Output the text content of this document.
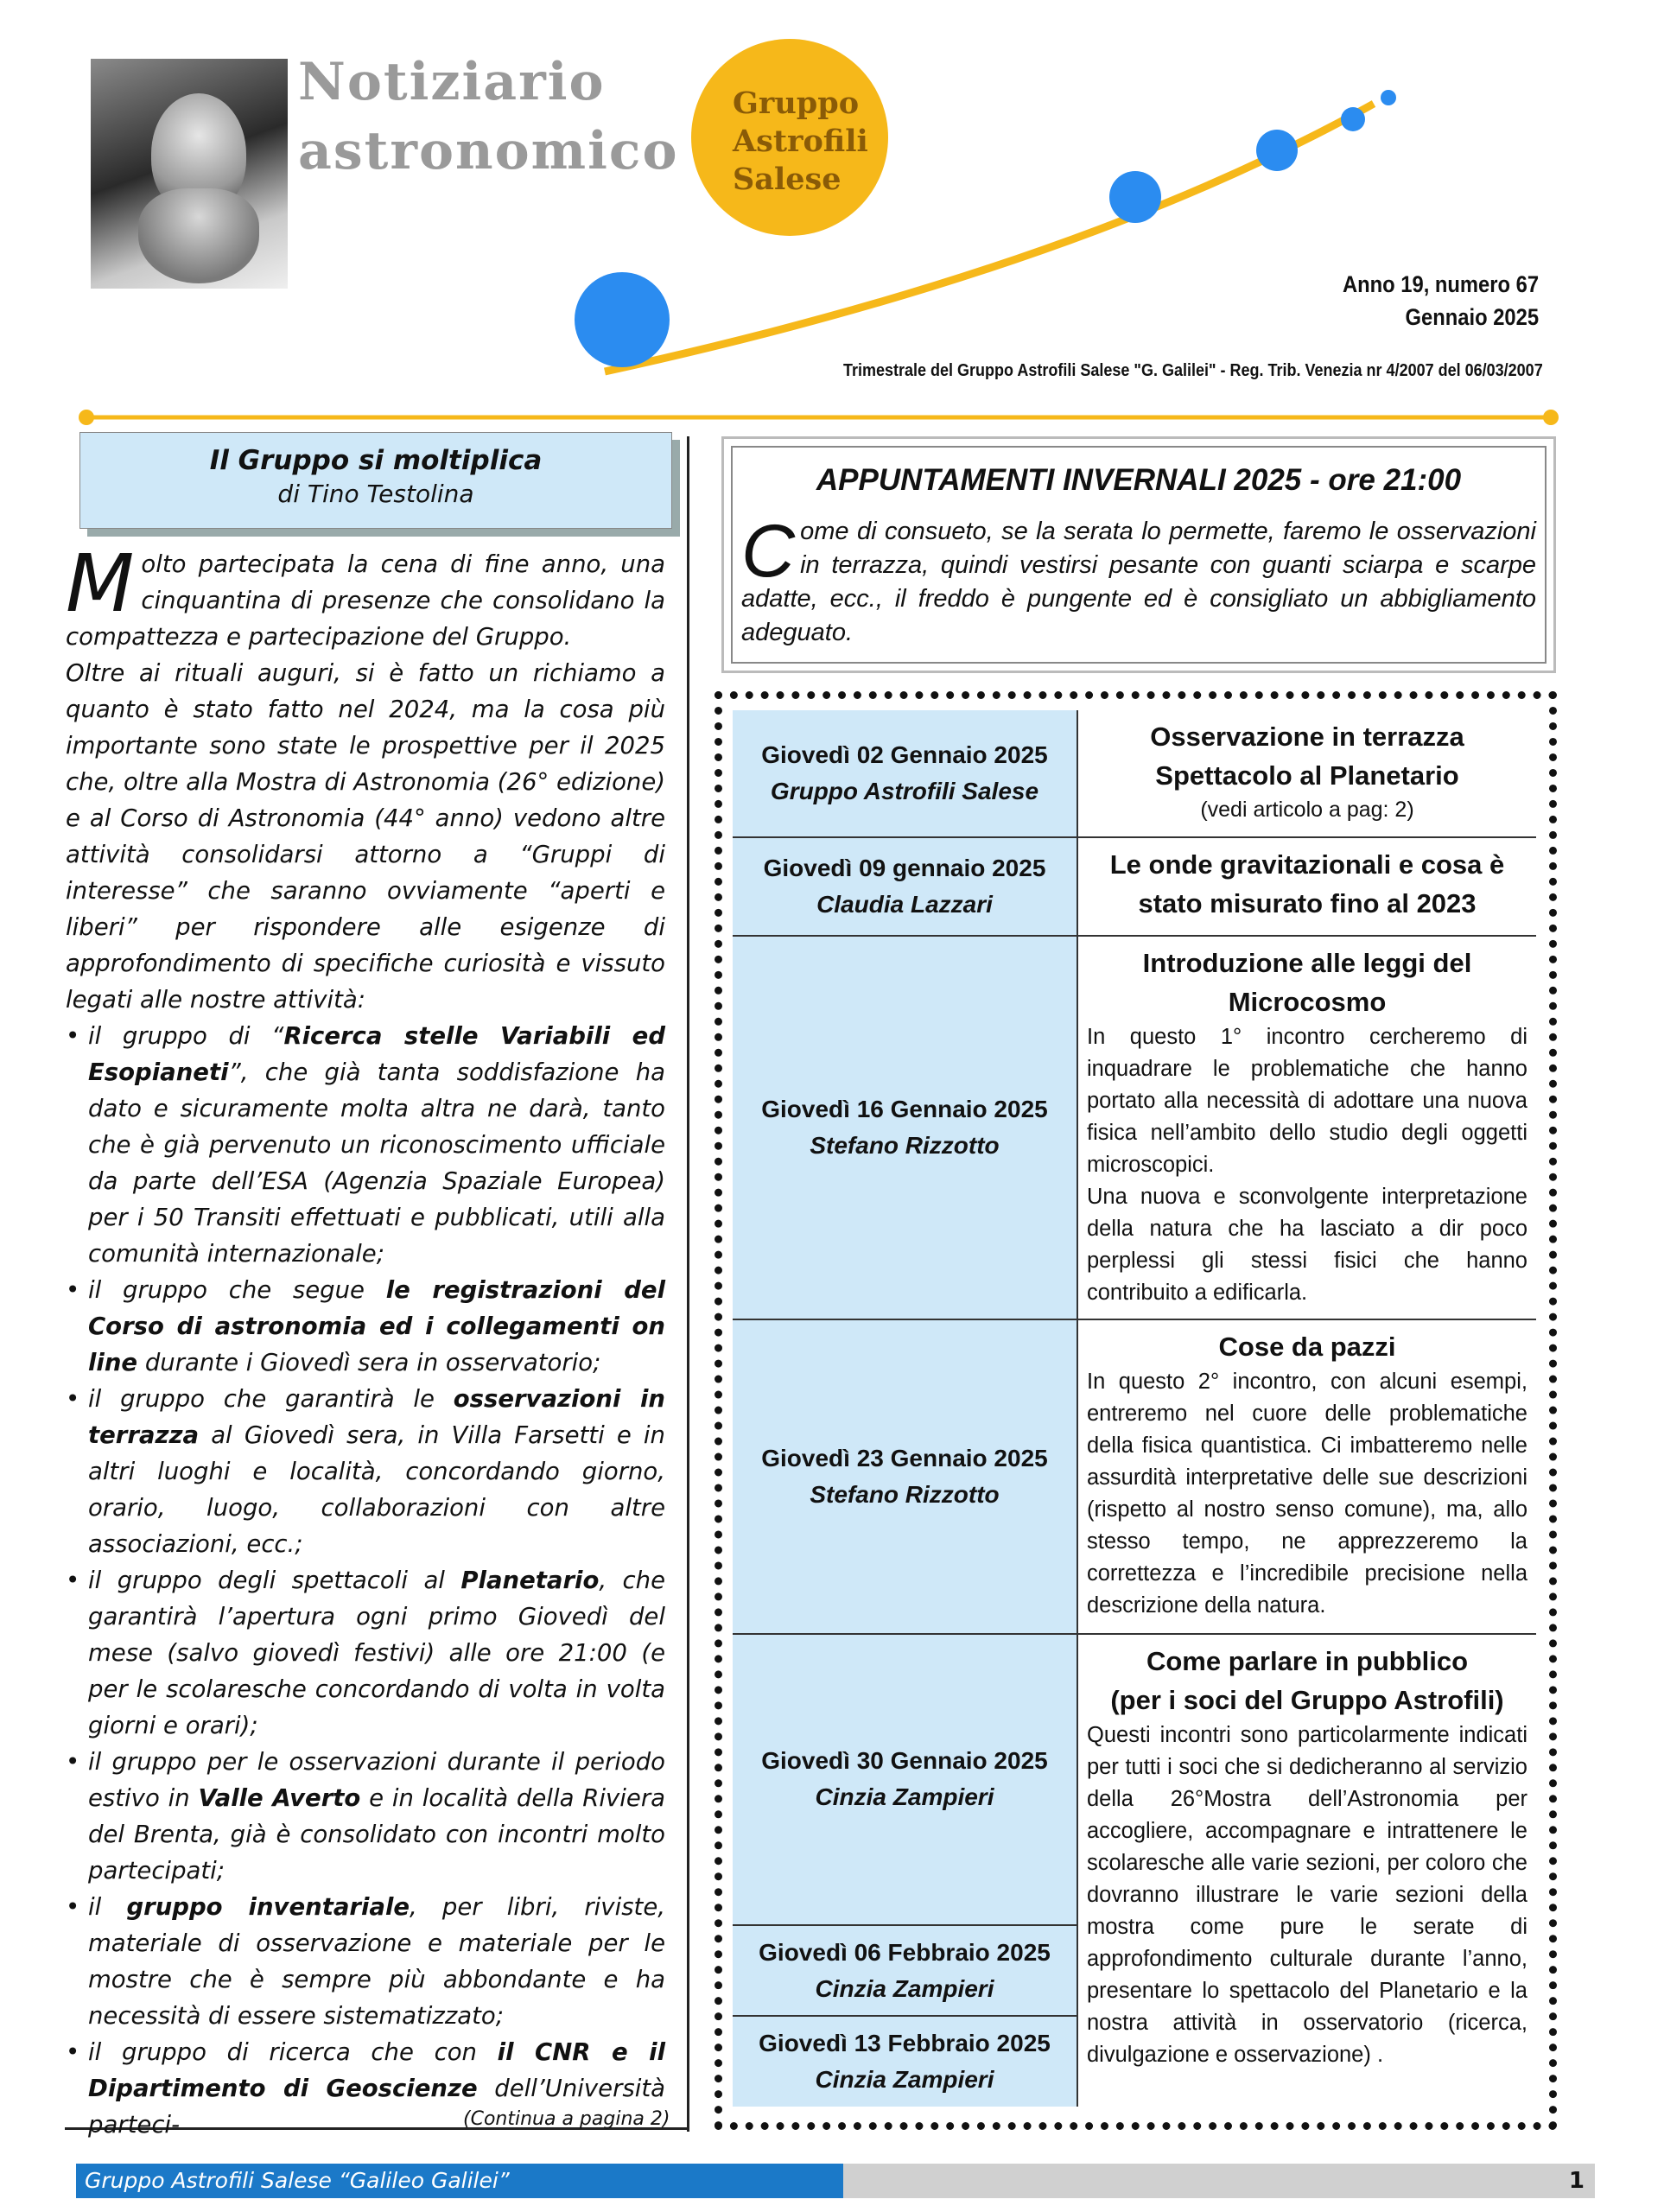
Notiziario
astronomico
Gruppo
Astrofili
Salese
Anno 19, numero 67
Gennaio 2025
Trimestrale del Gruppo Astrofili Salese "G. Galilei" - Reg. Trib. Venezia nr 4/2007 del 06/03/2007
Il Gruppo si moltiplica
di Tino Testolina

Molto partecipata la cena di fine anno, una cinquantina di presenze che consolidano la compattezza e partecipazione del Gruppo.

Oltre ai rituali auguri, si è fatto un richiamo a quanto è stato fatto nel 2024, ma la cosa più importante sono state le prospettive per il 2025 che, oltre alla Mostra di Astronomia (26° edizione) e al Corso di Astronomia (44° anno) vedono altre attività consolidarsi attorno a “Gruppi di interesse” che saranno ovviamente “aperti e liberi” per rispondere alle esigenze di approfondimento di specifiche curiosità e vissuto legati alle nostre attività:

• il gruppo di “Ricerca stelle Variabili ed Esopianeti”, che già tanta soddisfazione ha dato e sicuramente molta altra ne darà, tanto che è già pervenuto un riconoscimento ufficiale da parte dell’ESA (Agenzia Spaziale Europea) per i 50 Transiti effettuati e pubblicati, utili alla comunità internazionale;
• il gruppo che segue le registrazioni del Corso di astronomia ed i collegamenti on line durante i Giovedì sera in osservatorio;
• il gruppo che garantirà le osservazioni in terrazza al Giovedì sera, in Villa Farsetti e in altri luoghi e località, concordando giorno, orario, luogo, collaborazioni con altre associazioni, ecc.;
• il gruppo degli spettacoli al Planetario, che garantirà l’apertura ogni primo Giovedì del mese (salvo giovedì festivi) alle ore 21:00 (e per le scolaresche concordando di volta in volta giorni e orari);
• il gruppo per le osservazioni durante il periodo estivo in Valle Averto e in località della Riviera del Brenta, già è consolidato con incontri molto partecipati;
• il gruppo inventariale, per libri, riviste, materiale di osservazione e materiale per le mostre che è sempre più abbondante e ha necessità di essere sistematizzato;
• il gruppo di ricerca che con il CNR e il Dipartimento di Geoscienze dell’Università parteci-	(Continua a pagina 2)
APPUNTAMENTI INVERNALI 2025 - ore 21:00
Come di consueto, se la serata lo permette, faremo le osservazioni in terrazza, quindi vestirsi pesante con guanti sciarpa e scarpe adatte, ecc., il freddo è pungente ed è consigliato un abbigliamento adeguato.
Giovedì 02 Gennaio 2025
Gruppo Astrofili Salese
Osservazione in terrazza
Spettacolo al Planetario
(vedi articolo a pag: 2)
Giovedì 09 gennaio 2025
Claudia Lazzari
Le onde gravitazionali e cosa è stato misurato fino al 2023
Giovedì 16 Gennaio 2025
Stefano Rizzotto
Introduzione alle leggi del Microcosmo
In questo 1° incontro cercheremo di inquadrare le problematiche che hanno portato alla necessità di adottare una nuova fisica nell’ambito dello studio degli oggetti microscopici.
Una nuova e sconvolgente interpretazione della natura che ha lasciato a dir poco perplessi gli stessi fisici che hanno contribuito a edificarla.
Giovedì 23 Gennaio 2025
Stefano Rizzotto
Cose da pazzi
In questo 2° incontro, con alcuni esempi, entreremo nel cuore delle problematiche della fisica quantistica. Ci imbatteremo nelle assurdità interpretative delle sue descrizioni (rispetto al nostro senso comune), ma, allo stesso tempo, ne apprezzeremo la correttezza e l’incredibile precisione nella descrizione della natura.
Giovedì 30 Gennaio 2025
Cinzia Zampieri
Giovedì 06 Febbraio 2025
Cinzia Zampieri
Giovedì 13 Febbraio 2025
Cinzia Zampieri
Come parlare in pubblico
(per i soci del Gruppo Astrofili)
Questi incontri sono particolarmente indicati per tutti i soci che si dedicheranno al servizio della 26°Mostra dell’Astronomia per accogliere, accompagnare e intrattenere le scolaresche alle varie sezioni, per coloro che dovranno illustrare le varie sezioni della mostra come pure le serate di approfondimento culturale durante l’anno, presentare lo spettacolo del Planetario e la nostra attività in osservatorio (ricerca, divulgazione e osservazione) .
Gruppo Astrofili Salese “Galileo Galilei”	1
